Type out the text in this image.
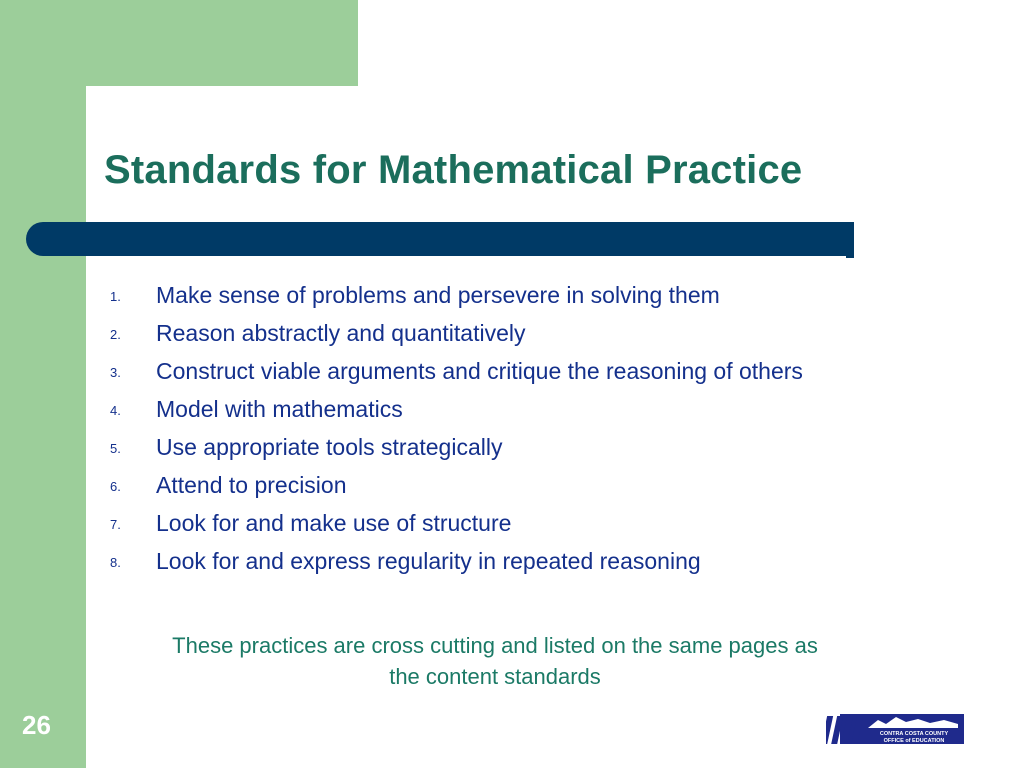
Standards for Mathematical Practice
1.	Make sense of problems and persevere in solving them
2.	Reason abstractly and quantitatively
3.	Construct viable arguments and critique the reasoning of others
4.	Model with mathematics
5.	Use appropriate tools strategically
6.	Attend to precision
7.	Look for and make use of structure
8.	Look for and express regularity in repeated reasoning

These practices are cross cutting and listed on the same pages as the content standards

26	CONTRA COSTA COUNTY
OFFICE of EDUCATION
